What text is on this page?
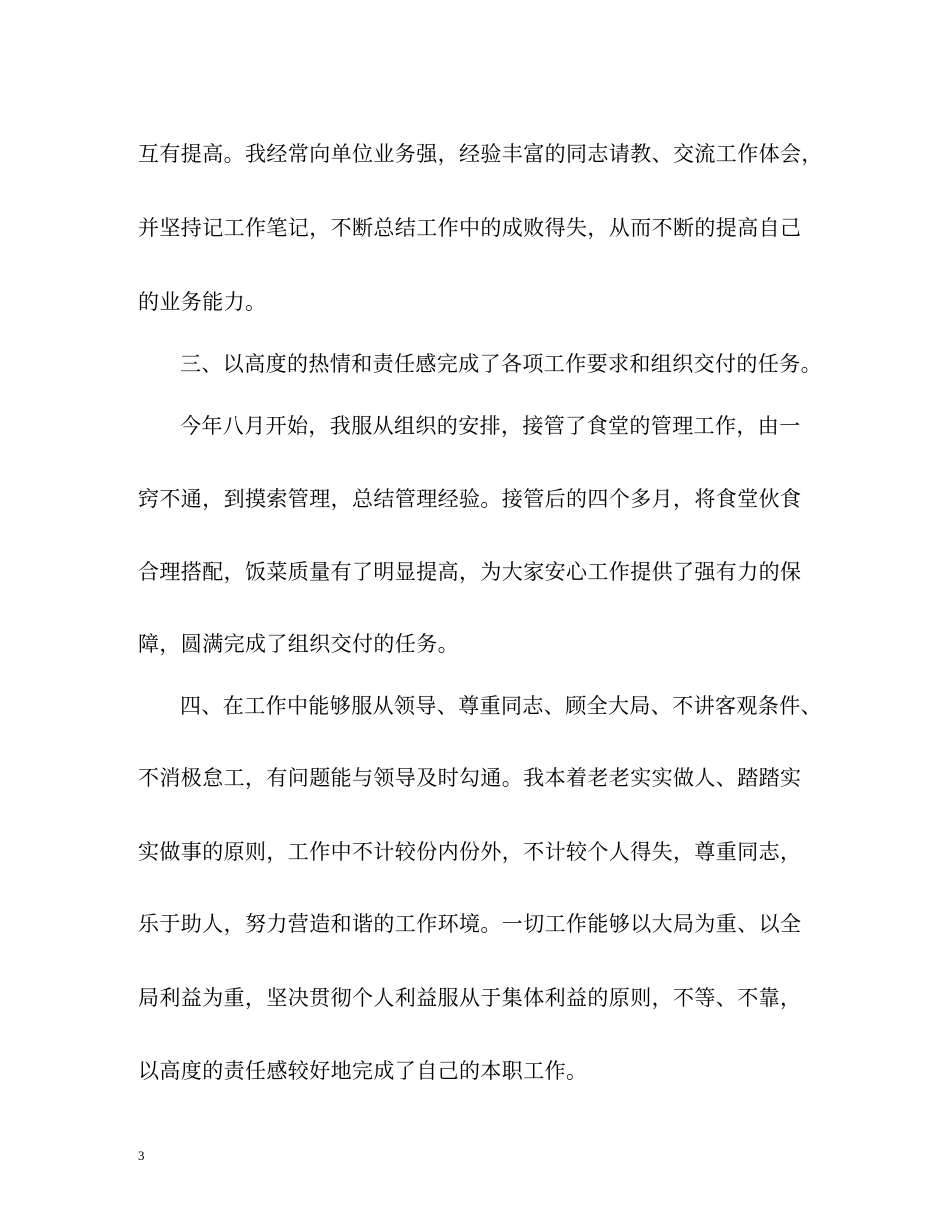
互有提高。我经常向单位业务强，经验丰富的同志请教、交流工作体会，
并坚持记工作笔记，不断总结工作中的成败得失，从而不断的提高自己
的业务能力。
三、以高度的热情和责任感完成了各项工作要求和组织交付的任务。
今年八月开始，我服从组织的安排，接管了食堂的管理工作，由一
窍不通，到摸索管理，总结管理经验。接管后的四个多月，将食堂伙食
合理搭配，饭菜质量有了明显提高，为大家安心工作提供了强有力的保
障，圆满完成了组织交付的任务。
四、在工作中能够服从领导、尊重同志、顾全大局、不讲客观条件、
不消极怠工，有问题能与领导及时勾通。我本着老老实实做人、踏踏实
实做事的原则，工作中不计较份内份外，不计较个人得失，尊重同志，
乐于助人，努力营造和谐的工作环境。一切工作能够以大局为重、以全
局利益为重，坚决贯彻个人利益服从于集体利益的原则，不等、不靠，
以高度的责任感较好地完成了自己的本职工作。
3
